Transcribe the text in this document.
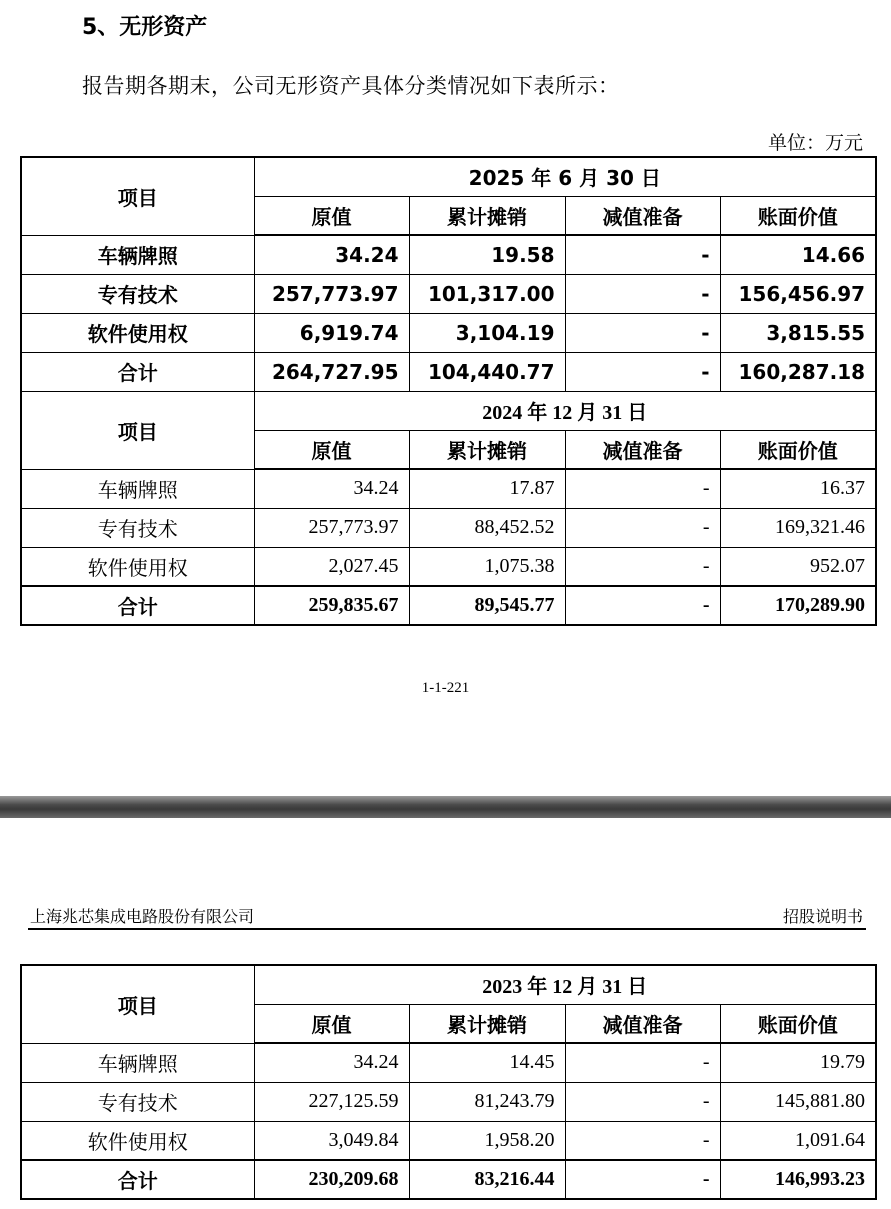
5、无形资产
报告期各期末，公司无形资产具体分类情况如下表所示：
单位：万元
项目	2025 年 6 月 30 日			
	原值	累计摊销	减值准备	账面价值
车辆牌照	34.24	19.58	-	14.66
专有技术	257,773.97	101,317.00	-	156,456.97
软件使用权	6,919.74	3,104.19	-	3,815.55
合计	264,727.95	104,440.77	-	160,287.18
项目	2024 年 12 月 31 日			
	原值	累计摊销	减值准备	账面价值
车辆牌照	34.24	17.87	-	16.37
专有技术	257,773.97	88,452.52	-	169,321.46
软件使用权	2,027.45	1,075.38	-	952.07
合计	259,835.67	89,545.77	-	170,289.90
1-1-221
上海兆芯集成电路股份有限公司	招股说明书
项目	2023 年 12 月 31 日			
	原值	累计摊销	减值准备	账面价值
车辆牌照	34.24	14.45	-	19.79
专有技术	227,125.59	81,243.79	-	145,881.80
软件使用权	3,049.84	1,958.20	-	1,091.64
合计	230,209.68	83,216.44	-	146,993.23
